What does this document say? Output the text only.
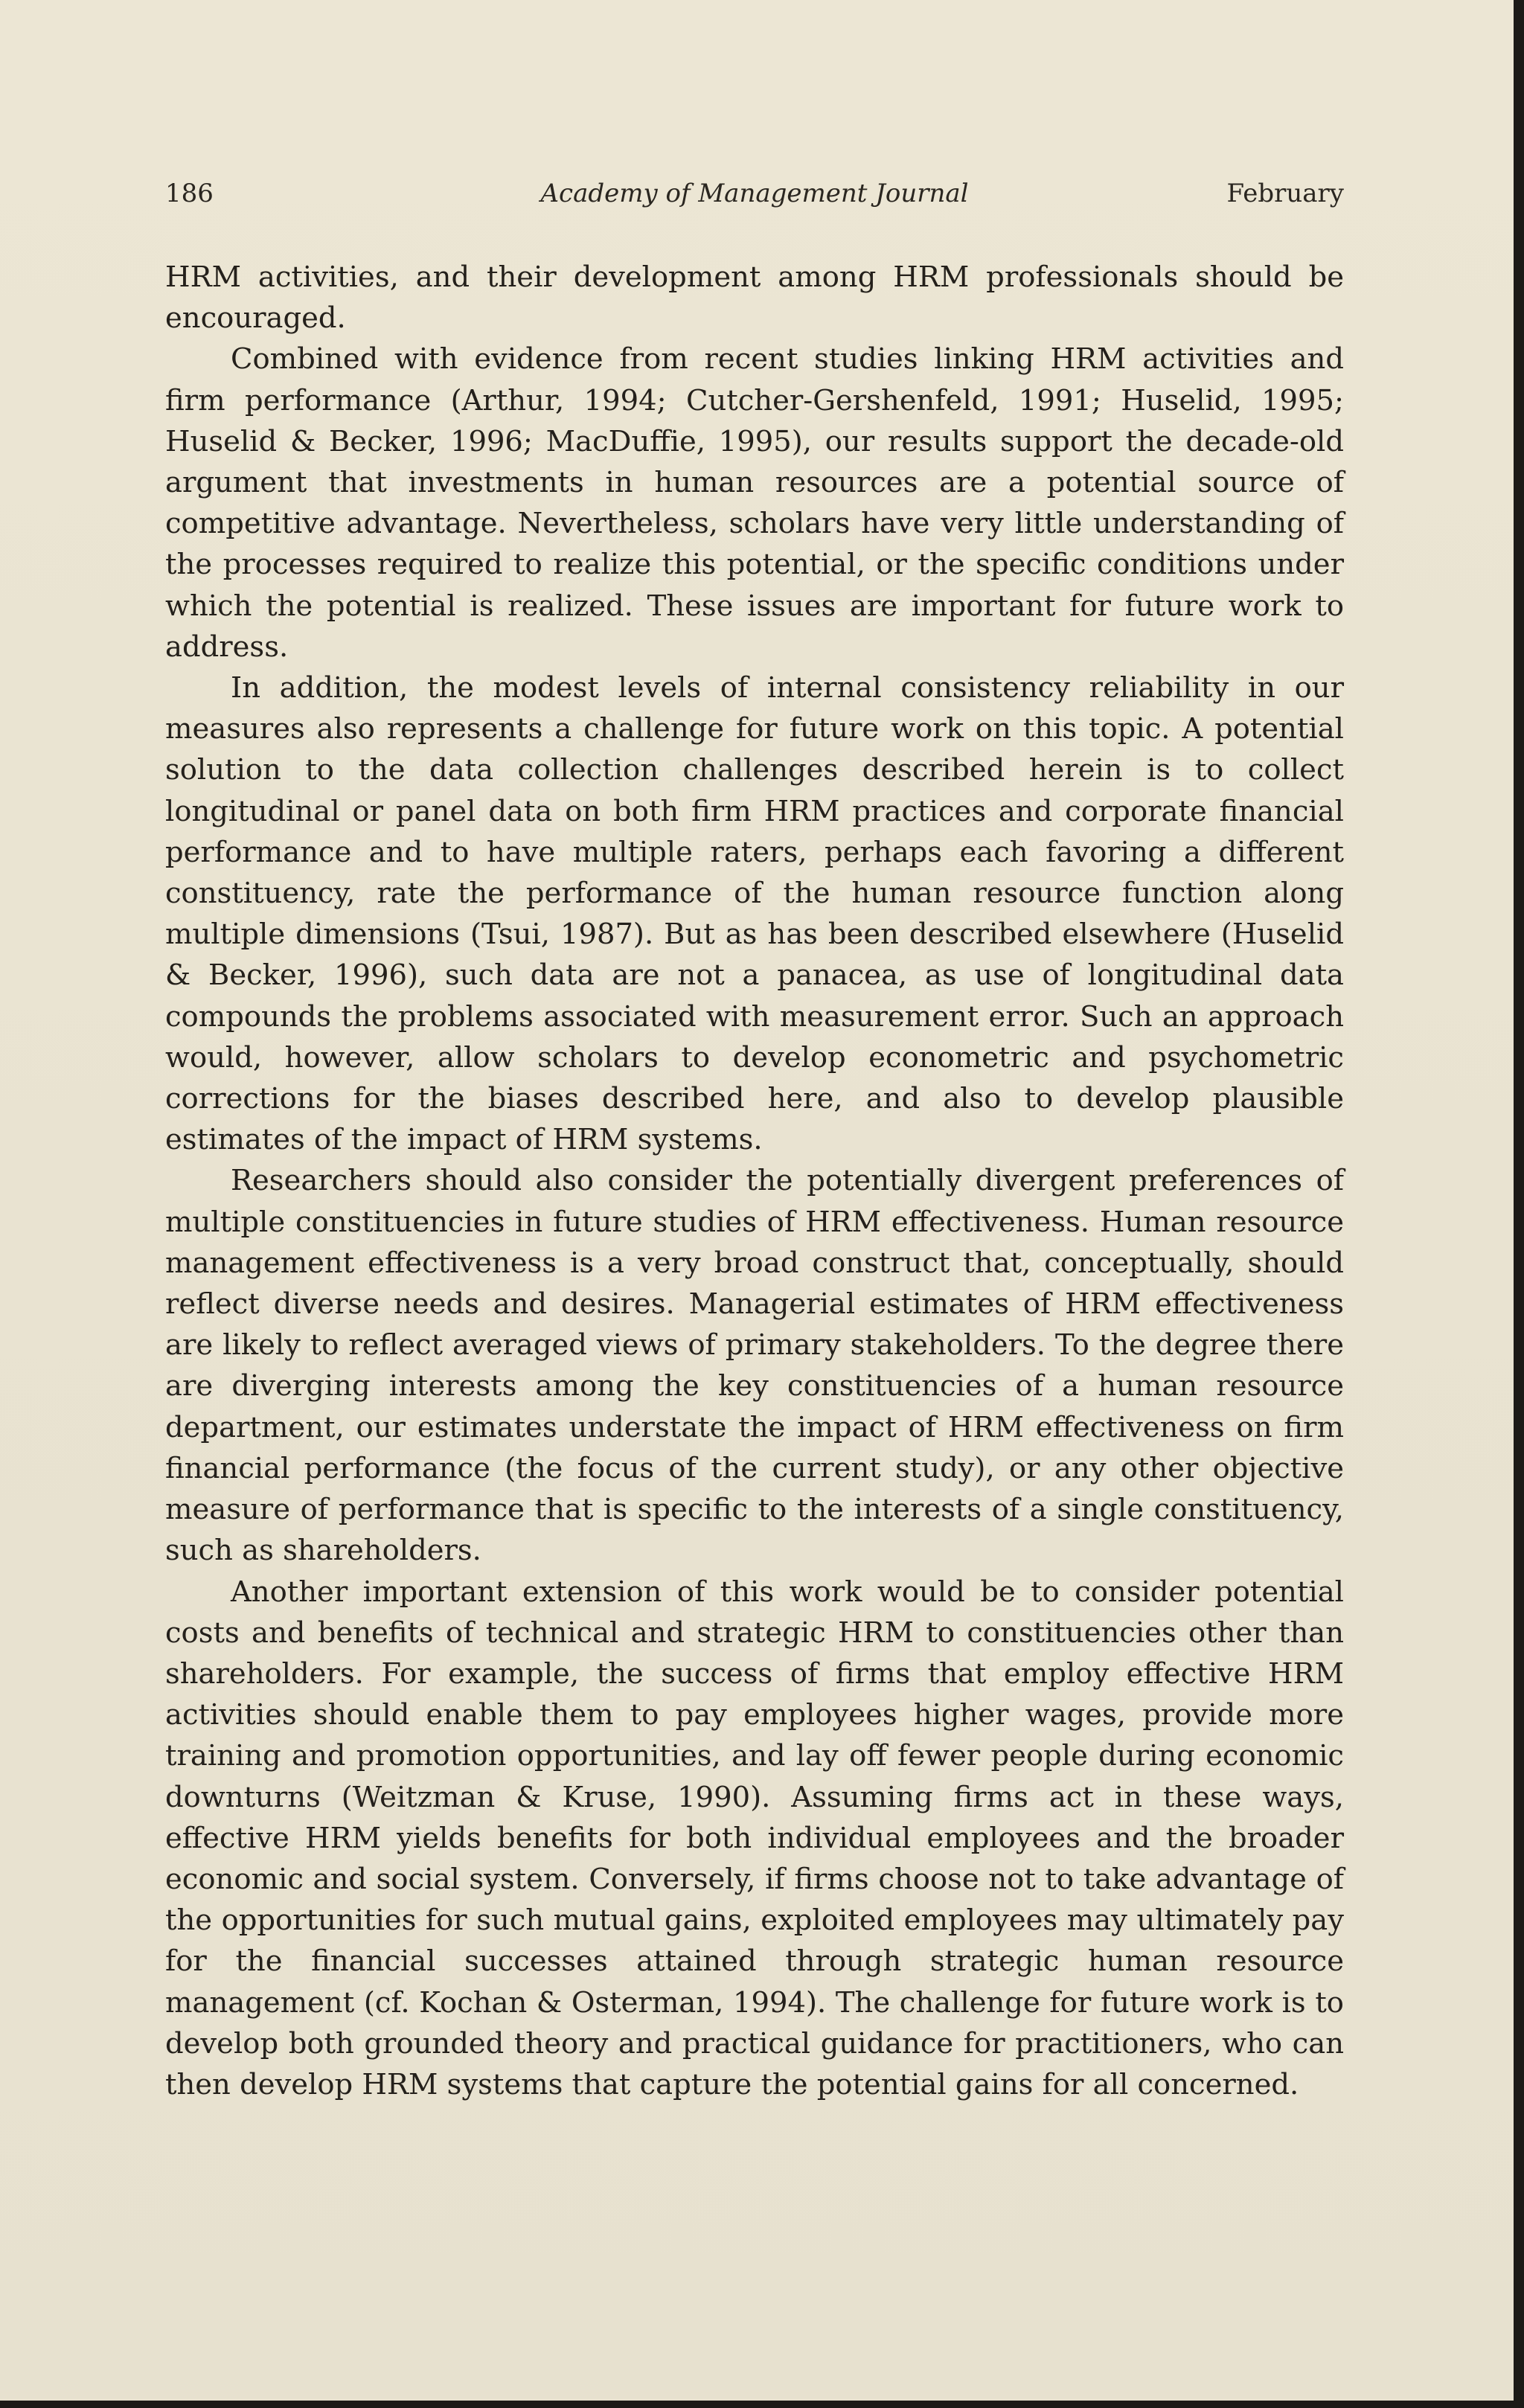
186	Academy of Management Journal	February

HRM activities, and their development among HRM professionals should be encouraged.

Combined with evidence from recent studies linking HRM activities and firm performance (Arthur, 1994; Cutcher-Gershenfeld, 1991; Huselid, 1995; Huselid & Becker, 1996; MacDuffie, 1995), our results support the decade-old argument that investments in human resources are a potential source of competitive advantage. Nevertheless, scholars have very little understanding of the processes required to realize this potential, or the specific conditions under which the potential is realized. These issues are important for future work to address.

In addition, the modest levels of internal consistency reliability in our measures also represents a challenge for future work on this topic. A potential solution to the data collection challenges described herein is to collect longitudinal or panel data on both firm HRM practices and corporate financial performance and to have multiple raters, perhaps each favoring a different constituency, rate the performance of the human resource function along multiple dimensions (Tsui, 1987). But as has been described elsewhere (Huselid & Becker, 1996), such data are not a panacea, as use of longitudinal data compounds the problems associated with measurement error. Such an approach would, however, allow scholars to develop econometric and psychometric corrections for the biases described here, and also to develop plausible estimates of the impact of HRM systems.

Researchers should also consider the potentially divergent preferences of multiple constituencies in future studies of HRM effectiveness. Human resource management effectiveness is a very broad construct that, conceptually, should reflect diverse needs and desires. Managerial estimates of HRM effectiveness are likely to reflect averaged views of primary stakeholders. To the degree there are diverging interests among the key constituencies of a human resource department, our estimates understate the impact of HRM effectiveness on firm financial performance (the focus of the current study), or any other objective measure of performance that is specific to the interests of a single constituency, such as shareholders.

Another important extension of this work would be to consider potential costs and benefits of technical and strategic HRM to constituencies other than shareholders. For example, the success of firms that employ effective HRM activities should enable them to pay employees higher wages, provide more training and promotion opportunities, and lay off fewer people during economic downturns (Weitzman & Kruse, 1990). Assuming firms act in these ways, effective HRM yields benefits for both individual employees and the broader economic and social system. Conversely, if firms choose not to take advantage of the opportunities for such mutual gains, exploited employees may ultimately pay for the financial successes attained through strategic human resource management (cf. Kochan & Osterman, 1994). The challenge for future work is to develop both grounded theory and practical guidance for practitioners, who can then develop HRM systems that capture the potential gains for all concerned.
